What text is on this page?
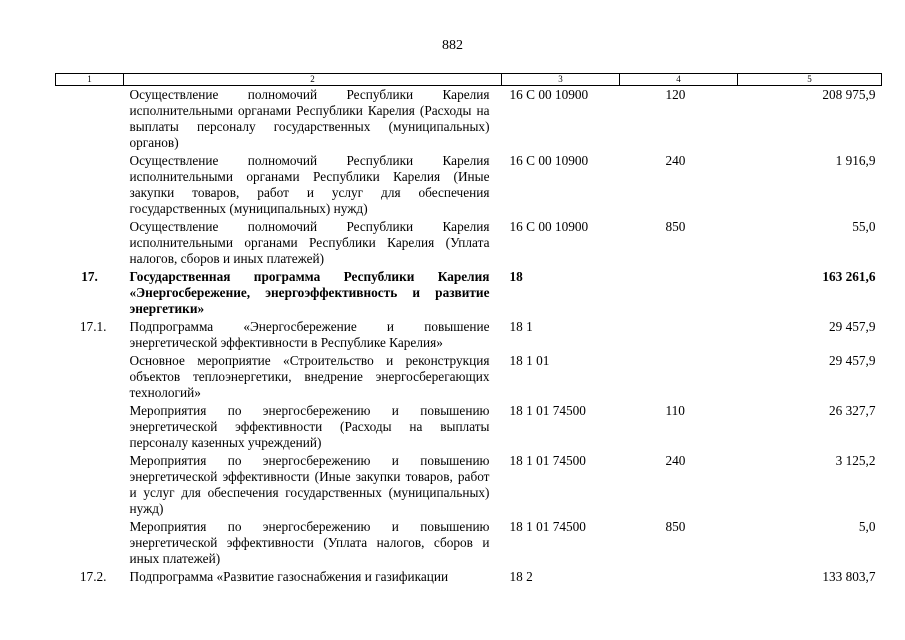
882
1	2	3	4	5
	Осуществление полномочий Республики Карелия исполнительными органами Республики Карелия (Расходы на выплаты персоналу государственных (муниципальных) органов)	16 С 00 10900	120	208 975,9
	Осуществление полномочий Республики Карелия исполнительными органами Республики Карелия (Иные закупки товаров, работ и услуг для обеспечения государственных (муниципальных) нужд)	16 С 00 10900	240	1 916,9
	Осуществление полномочий Республики Карелия исполнительными органами Республики Карелия (Уплата налогов, сборов и иных платежей)	16 С 00 10900	850	55,0
17.	Государственная программа Республики Карелия «Энергосбережение, энергоэффективность и развитие энергетики»	18		163 261,6
17.1.	Подпрограмма «Энергосбережение и повышение энергетической эффективности в Республике Карелия»	18 1		29 457,9
	Основное мероприятие «Строительство и реконструкция объектов теплоэнергетики, внедрение энергосберегающих технологий»	18 1 01		29 457,9
	Мероприятия по энергосбережению и повышению энергетической эффективности (Расходы на выплаты персоналу казенных учреждений)	18 1 01 74500	110	26 327,7
	Мероприятия по энергосбережению и повышению энергетической эффективности (Иные закупки товаров, работ и услуг для обеспечения государственных (муниципальных) нужд)	18 1 01 74500	240	3 125,2
	Мероприятия по энергосбережению и повышению энергетической эффективности (Уплата налогов, сборов и иных платежей)	18 1 01 74500	850	5,0
17.2.	Подпрограмма «Развитие газоснабжения и газификации	18 2		133 803,7
